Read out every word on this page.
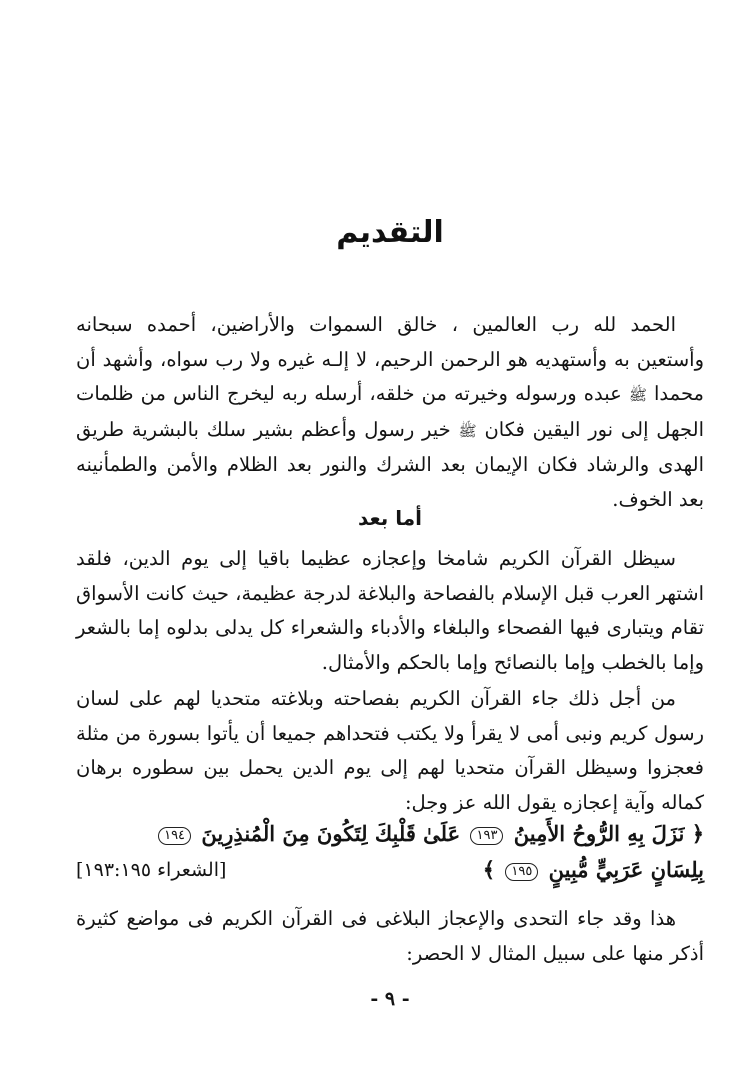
التقديم

الحمد لله رب العالمين ، خالق السموات والأراضين، أحمده سبحانه وأستعين به وأستهديه هو الرحمن الرحيم، لا إلـه غيره ولا رب سواه، وأشهد أن محمدا ﷺ عبده ورسوله وخيرته من خلقه، أرسله ربه ليخرج الناس من ظلمات الجهل إلى نور اليقين فكان ﷺ خير رسول وأعظم بشير سلك بالبشرية طريق الهدى والرشاد فكان الإيمان بعد الشرك والنور بعد الظلام والأمن والطمأنينه بعد الخوف.

أما بعد

سيظل القرآن الكريم شامخا وإعجازه عظيما باقيا إلى يوم الدين، فلقد اشتهر العرب قبل الإسلام بالفصاحة والبلاغة لدرجة عظيمة، حيث كانت الأسواق تقام ويتبارى فيها الفصحاء والبلغاء والأدباء والشعراء كل يدلى بدلوه إما بالشعر وإما بالخطب وإما بالنصائح وإما بالحكم والأمثال.

من أجل ذلك جاء القرآن الكريم بفصاحته وبلاغته متحديا لهم على لسان رسول كريم ونبى أمى لا يقرأ ولا يكتب فتحداهم جميعا أن يأتوا بسورة من مثلة فعجزوا وسيظل القرآن متحديا لهم إلى يوم الدين يحمل بين سطوره برهان كماله وآية إعجازه يقول الله عز وجل:

﴿ نَزَلَ بِهِ الرُّوحُ الأَمِينُ ١٩٣ عَلَىٰ قَلْبِكَ لِتَكُونَ مِنَ الْمُنذِرِينَ ١٩٤
بِلِسَانٍ عَرَبِيٍّ مُّبِينٍ ١٩٥ ﴾
[الشعراء ١٩٣:١٩٥]

هذا وقد جاء التحدى والإعجاز البلاغى فى القرآن الكريم فى مواضع كثيرة أذكر منها على سبيل المثال لا الحصر:

- ٩ -
